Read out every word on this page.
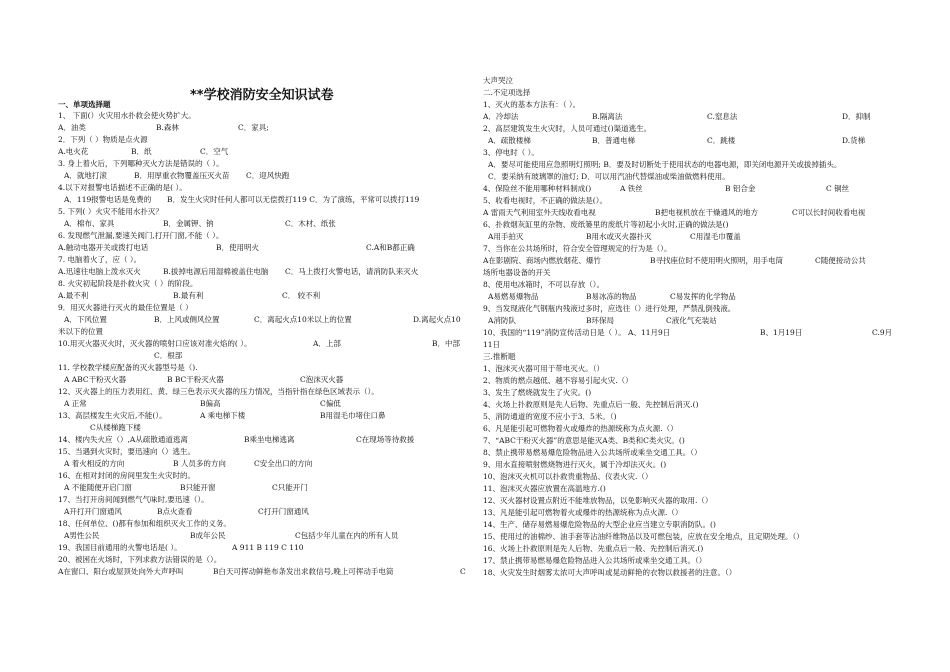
**学校消防安全知识试卷
一、单项选择题
1、 下面(）火灾用水扑救会使火势扩大。
A．油类	B.森林	C．家具;
2．下列（ ）物质是点火源
A.电火花	B．纸	C．空气
3. 身上着火后，下列哪种灭火方法是错误的（ ）。
A．就地打滚	B．用厚重衣物覆盖压灭火苗 C．迎风快跑
4.以下对报警电话描述不正确的是( ）。
A．119报警电话是免费的 B．发生火灾时任何人都可以无偿拨打119 C．为了演练，平常可以拨打119
5. 下列( ）火灾不能用水扑灭？
A．棉布、家具	B．金属钾、钠	C．木材、纸张
6. 发现燃气泄漏,要速关阀门,打开门窗,不能（ ）。
A.触动电器开关或拨打电话	B．使用明火	C.A和B都正确
7. 电脑着火了，应（ ）。
A.迅速往电脑上泼水灭火	B.拔掉电源后用湿棉被盖住电脑 C．马上拨打火警电话，请消防队来灭火
8. 火灾初起阶段是扑救火灾（ ）的阶段。
A.最不利	B.最有利	C． 较不利
9．用灭火器进行灭火的最佳位置是（ ）
A．下风位置	B．上风或侧风位置	C．离起火点10米以上的位置	D.离起火点10
米以下的位置
10.用灭火器灭火时，灭火器的喷射口应该对准火焰的( ）。	A．上部	B．中部
C．根部
11. 学校教学楼应配备的灭火器型号是（).
A ABC干粉灭火器	B BC干粉灭火器	C泡沫灭火器
12、灭火器上的压力表用红、黄、绿三色表示灭火器的压力情况，当指针指在绿色区域表示（）。
A 正常	B偏高	C偏低
13、高层楼发生火灾后,不能(）。	A 乘电梯下楼	B用湿毛巾堵住口鼻
C从楼梯跑下楼
14、楼内失火应（）,A从疏散通道逃离	B乘坐电梯逃离	C在现场等待救援
15、当遇到火灾时，要迅速向（）逃生。
A 着火相反的方向	B 人员多的方向	C安全出口的方向
16、在相对封闭的房间里发生火灾时的。
A 不能随便开启门窗	B只能开窗	C只能开门
17、当打开房间闻到燃气气味时,要迅速（）。
A开打开门窗通风	B点火查看	C打开门窗通风
18、任何单位、()都有参加和组织灭火工作的义务。
A男性公民	B成年公民	C包括少年儿童在内的所有人员
19、我国目前通用的火警电话是( ）。	A 911 B 119 C 110
20、被困在火场时，下列求救方法错误的是（）。
A在窗口、阳台或屋顶处向外大声呼叫	B白天可挥动鲜艳布条发出求救信号,晚上可挥动手电筒	C
大声哭泣
二.不定项选择
1、灭火的基本方法有：（ ）。
A．冷却法	B.隔离法	C.窒息法	D．抑制
2、高层建筑发生火灾时，人员可通过()渠道逃生。
A．疏散楼梯	B．普通电梯	C．跳楼	D.货梯
3、停电时（ ）。
A．要尽可能使用应急照明灯照明; B．要及时切断处于使用状态的电器电源，即关闭电源开关或拔掉插头。
C．要采纳有玻璃罩的油灯; D．可以用汽油代替煤油或柴油做燃料使用。
4、保险丝不能用哪种材料制成()	A 铁丝	B 铝合金	C 铜丝
5、收看电视时，不正确的做法是(）。
A 雷雨天气利用室外天线收看电视	B把电视机放在干燥通风的地方	C可以长时间收看电视
6、扑救烟灰缸里的杂物、废纸篓里的废纸片等初起小火时,正确的做法是()
A用手拍灭	B用水或灭火器扑灭	C用湿毛巾覆盖
7、当你在公共场所时，符合安全管理规定的行为是（）。
A在影剧院、商场内燃放烟花、爆竹	B寻找座位时不使用明火照明，用手电筒	C随便接动公共
场所电器设备的开关
8、使用电冰箱时，不可以存放（）。
A易燃易爆物品	B易冰冻的物品	C易发挥的化学物品
9、当发现液化气钢瓶内残液过多时，应选往（）进行处理，严禁乱倒残液。
A消防队	B环保局	C液化气充装站
10、我国的“119”消防宣传活动日是（ ）。 A、11月9日	B、1月19日	C.9月
11日
三.推断题
1、泡沫灭火器可用于带电灭火。（）
2、物质的燃点越低、越不容易引起火灾.（）
3、发生了燃烧就发生了火灾。()
4、火场上扑救原则是先人后物、先重点后一般、先控制后消灭.()
5、消防通道的宽度不应小于3．5米。（)
6、凡是能引起可燃物着火或爆炸的热源统称为点火源.（）
7、“ABC干粉灭火器”的意思是能灭A类、B类和C类火灾。()
8、禁止携带易燃易爆危险物品进入公共场所或乘坐交通工具。（）
9、用水直接喷射燃烧物进行灭火，属于冷却法灭火。()
10、泡沫灭火机可以扑救贵重物品、仪表火灾.（）
11、泡沫灭火器应放置在高温地方.()
12、灭火器材设置点附近不能堆放物品，以免影响灭火器的取用.（）
13、凡是能引起可燃物着火或爆炸的热源统称为点火源.（）
14、生产、储存易燃易爆危险物品的大型企业应当建立专职消防队。()
15、使用过的油棉纱、油手套等沾油纤维物品以及可燃包装，应放在安全地点，且定期处理。（）
16、火场上扑救原则是先人后物、先重点后一般、先控制后消灭.()
17、禁止携带易燃易爆危险物品进入公共场所或乘坐交通工具。（）
18、火灾发生时烟雾太浓可大声呼叫或晃动鲜艳的衣物以救援者的注意。（）
